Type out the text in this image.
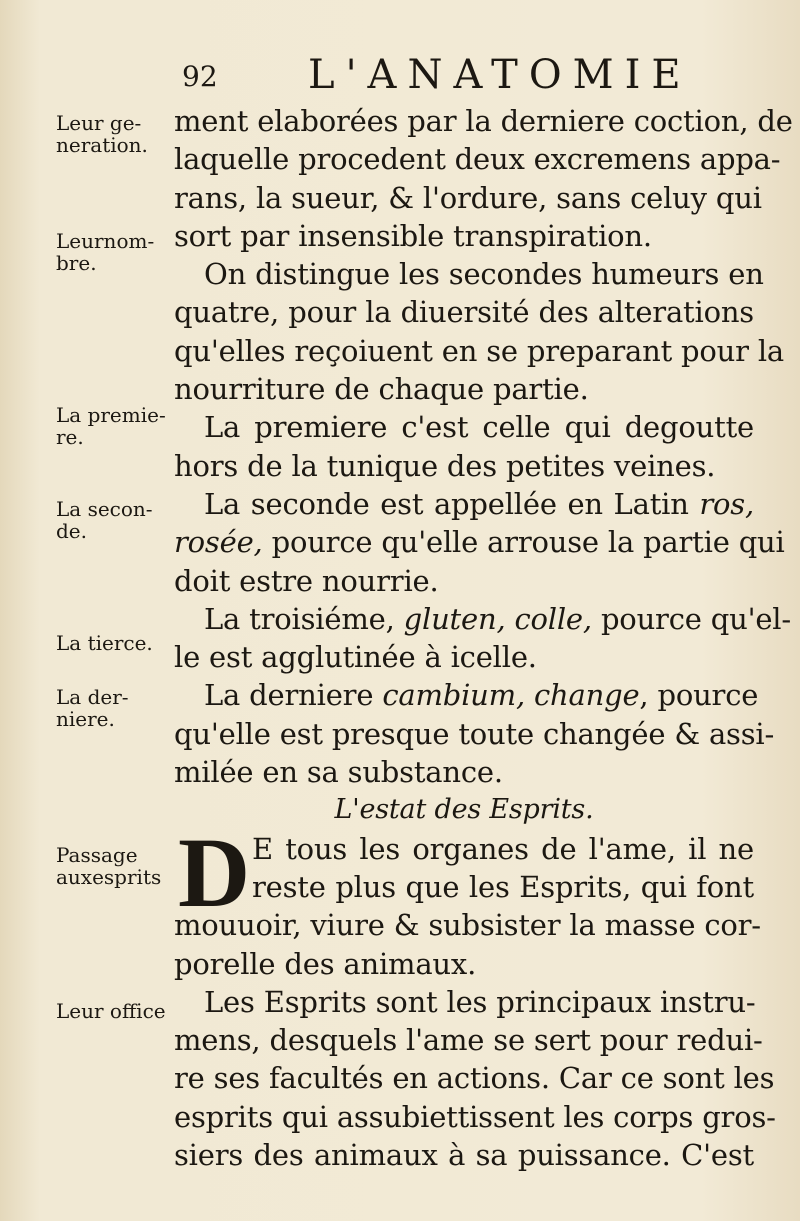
92 L'ANATOMIE
Leur ge-
neration.
Leurnom-
bre.
La premie-
re.
La secon-
de.
La tierce.
La der-
niere.
Passage
auxesprits
Leur office
ment elaborées par la derniere coction, de
laquelle procedent deux excremens appa-
rans, la sueur, & l'ordure, sans celuy qui
sort par insensible transpiration.
On distingue les secondes humeurs en
quatre, pour la diuersité des alterations
qu'elles reçoiuent en se preparant pour la
nourriture de chaque partie.
La premiere c'est celle qui degoutte
hors de la tunique des petites veines.
La seconde est appellée en Latin ros,
rosée, pource qu'elle arrouse la partie qui
doit estre nourrie.
La troisiéme, gluten, colle, pource qu'el-
le est agglutinée à icelle.
La derniere cambium, change, pource
qu'elle est presque toute changée & assi-
milée en sa substance.
L'estat des Esprits.
D E tous les organes de l'ame, il ne
reste plus que les Esprits, qui font
mouuoir, viure & subsister la masse cor-
porelle des animaux.
Les Esprits sont les principaux instru-
mens, desquels l'ame se sert pour redui-
re ses facultés en actions. Car ce sont les
esprits qui assubiettissent les corps gros-
siers des animaux à sa puissance. C'est
